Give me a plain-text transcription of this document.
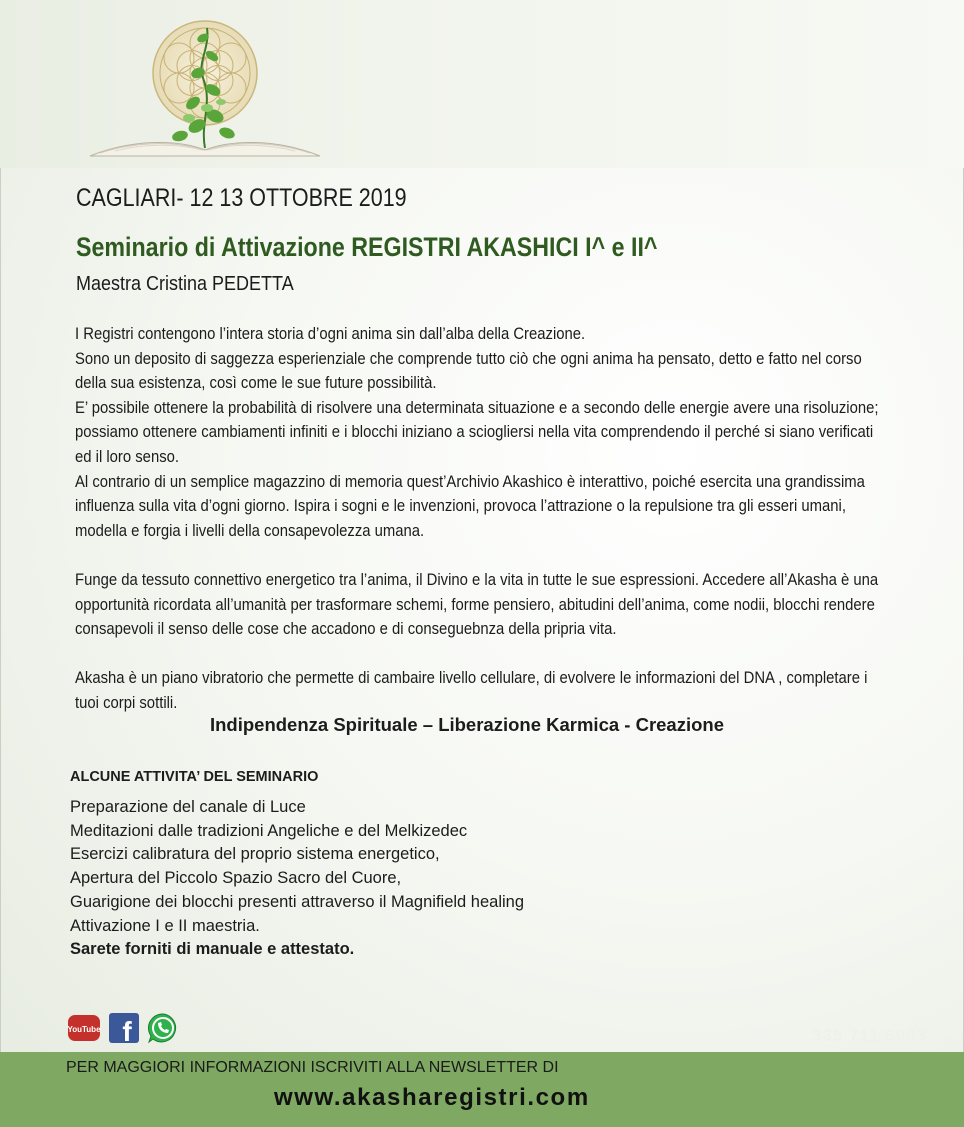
CAGLIARI- 12 13 OTTOBRE 2019
Seminario di Attivazione REGISTRI AKASHICI I^ e II^
Maestra Cristina PEDETTA

I Registri contengono l’intera storia d’ogni anima sin dall’alba della Creazione.

Sono un deposito di saggezza esperienziale che comprende tutto ciò che ogni anima ha pensato, detto e fatto nel corso della sua esistenza, così come le sue future possibilità.

E’ possibile ottenere la probabilità di risolvere una determinata situazione e a secondo delle energie avere una risoluzione; possiamo ottenere cambiamenti infiniti e i blocchi iniziano a sciogliersi nella vita comprendendo il perché si siano verificati ed il loro senso.

Al contrario di un semplice magazzino di memoria quest’Archivio Akashico è interattivo, poiché esercita una grandissima influenza sulla vita d’ogni giorno. Ispira i sogni e le invenzioni, provoca l’attrazione o la repulsione tra gli esseri umani, modella e forgia i livelli della consapevolezza umana.

Funge da tessuto connettivo energetico tra l’anima, il Divino e la vita in tutte le sue espressioni. Accedere all’Akasha è una opportunità ricordata all’umanità per trasformare schemi, forme pensiero, abitudini dell’anima, come nodii, blocchi rendere consapevoli il senso delle cose che accadono e di conseguebnza della pripria vita.

Akasha è un piano vibratorio che permette di cambaire livello cellulare, di evolvere le informazioni del DNA , completare i tuoi corpi sottili.

Indipendenza Spirituale – Liberazione Karmica - Creazione
ALCUNE ATTIVITA’ DEL SEMINARIO
Preparazione del canale di Luce
Meditazioni dalle tradizioni Angeliche e del Melkizedec
Esercizi calibratura del proprio sistema energetico,
Apertura del Piccolo Spazio Sacro del Cuore,
Guarigione dei blocchi presenti attraverso il Magnifield healing
Attivazione I e II maestria.
Sarete forniti di manuale e attestato.
YouTube f	335 711 6003
PER MAGGIORI INFORMAZIONI ISCRIVITI ALLA NEWSLETTER DI
www.akasharegistri.com
